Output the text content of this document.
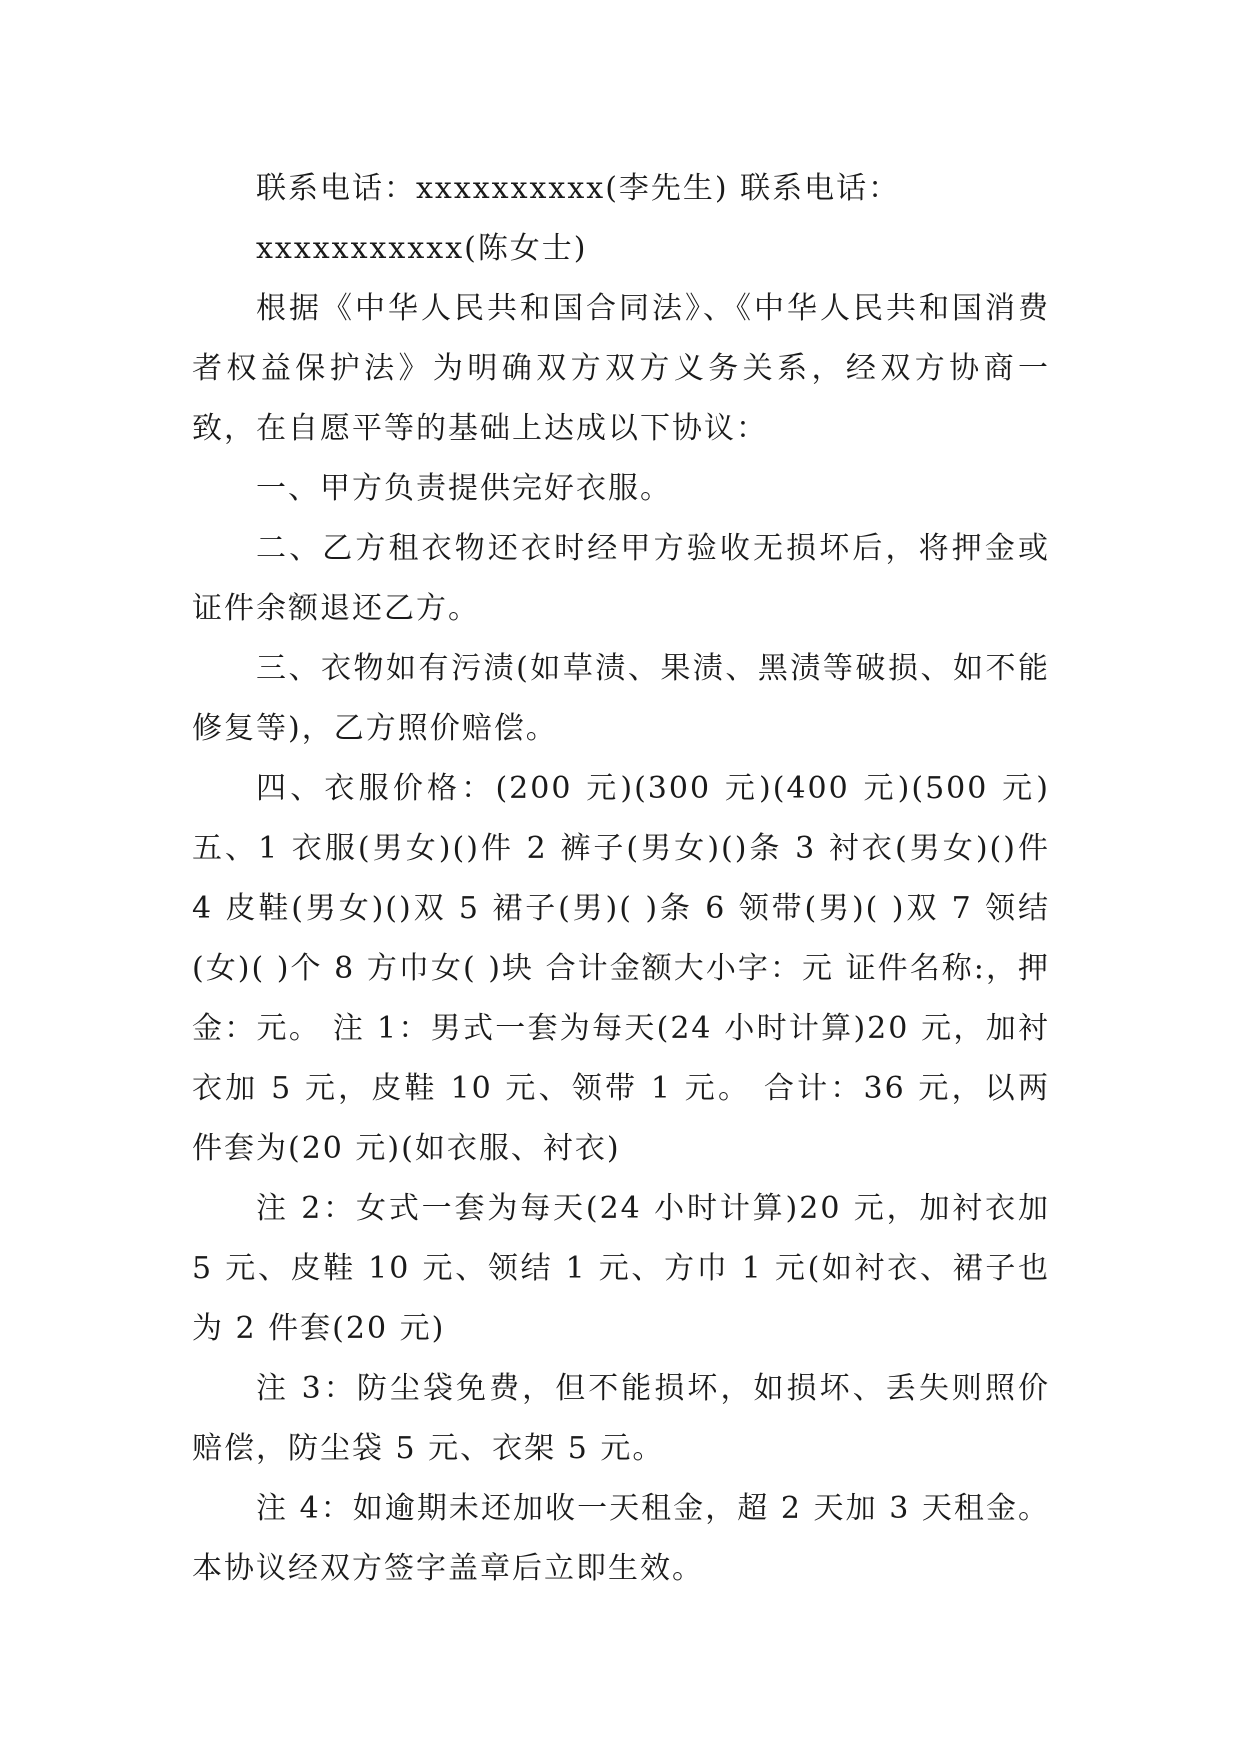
联系电话：xxxxxxxxxx(李先生) 联系电话：

xxxxxxxxxxx(陈女士)

根据《中华人民共和国合同法》、《中华人民共和国消费者权益保护法》为明确双方双方义务关系，经双方协商一致，在自愿平等的基础上达成以下协议：

一、甲方负责提供完好衣服。

二、乙方租衣物还衣时经甲方验收无损坏后，将押金或证件余额退还乙方。

三、衣物如有污渍(如草渍、果渍、黑渍等破损、如不能修复等)，乙方照价赔偿。

四、衣服价格：(200 元)(300 元)(400 元)(500 元) 五、1 衣服(男女)()件 2 裤子(男女)()条 3 衬衣(男女)()件 4 皮鞋(男女)()双 5 裙子(男)( )条 6 领带(男)( )双 7 领结(女)( )个 8 方巾女( )块 合计金额大小字：元 证件名称:，押金：元。 注 1：男式一套为每天(24 小时计算)20 元，加衬衣加 5 元，皮鞋 10 元、领带 1 元。 合计：36 元，以两件套为(20 元)(如衣服、衬衣)

注 2：女式一套为每天(24 小时计算)20 元，加衬衣加 5 元、皮鞋 10 元、领结 1 元、方巾 1 元(如衬衣、裙子也为 2 件套(20 元)

注 3：防尘袋免费，但不能损坏，如损坏、丢失则照价赔偿，防尘袋 5 元、衣架 5 元。

注 4：如逾期未还加收一天租金，超 2 天加 3 天租金。本协议经双方签字盖章后立即生效。
